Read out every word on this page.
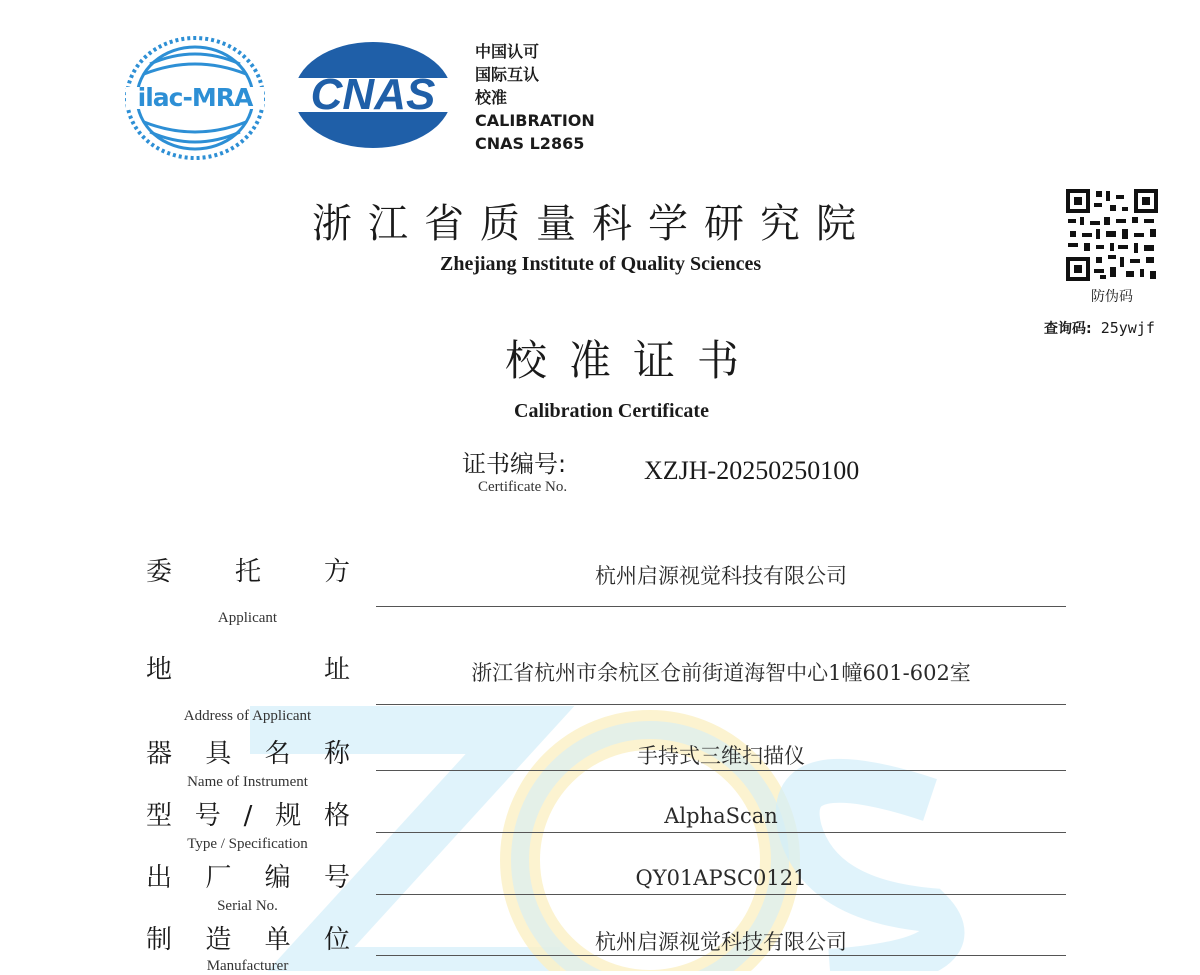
ilac-MRA	CNAS
中国认可
国际互认
校准
CALIBRATION
CNAS L2865
浙江省质量科学研究院
Zhejiang Institute of Quality Sciences
防伪码
查询码: 25ywjf
校准证书
Calibration Certificate
证书编号:
Certificate No.
XZJH-20250250100
委 托 方
Applicant
杭州启源视觉科技有限公司
地	址
Address of Applicant
浙江省杭州市余杭区仓前街道海智中心1幢601-602室
器 具 名 称
Name of Instrument
手持式三维扫描仪
型 号 / 规 格
Type / Specification
AlphaScan
出 厂 编 号
Serial No.
QY01APSC0121
制 造 单 位
Manufacturer
杭州启源视觉科技有限公司
